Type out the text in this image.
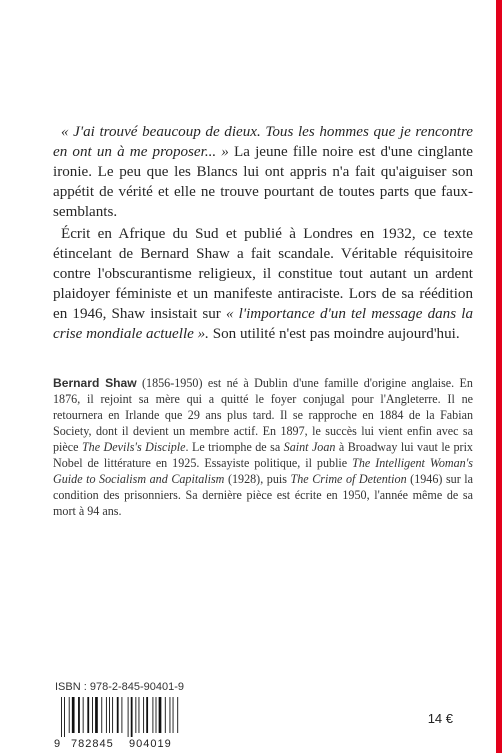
« J'ai trouvé beaucoup de dieux. Tous les hommes que je rencontre en ont un à me proposer... » La jeune fille noire est d'une cinglante ironie. Le peu que les Blancs lui ont appris n'a fait qu'aiguiser son appétit de vérité et elle ne trouve pourtant de toutes parts que faux-semblants.

Écrit en Afrique du Sud et publié à Londres en 1932, ce texte étincelant de Bernard Shaw a fait scandale. Véritable réquisitoire contre l'obscurantisme religieux, il constitue tout autant un ardent plaidoyer féministe et un manifeste antiraciste. Lors de sa réédition en 1946, Shaw insistait sur « l'importance d'un tel message dans la crise mondiale actuelle ». Son utilité n'est pas moindre aujourd'hui.

Bernard Shaw (1856-1950) est né à Dublin d'une famille d'origine anglaise. En 1876, il rejoint sa mère qui a quitté le foyer conjugal pour l'Angleterre. Il ne retournera en Irlande que 29 ans plus tard. Il se rapproche en 1884 de la Fabian Society, dont il devient un membre actif. En 1897, le succès lui vient enfin avec sa pièce The Devils's Disciple. Le triomphe de sa Saint Joan à Broadway lui vaut le prix Nobel de littérature en 1925. Essayiste politique, il publie The Intelligent Woman's Guide to Socialism and Capitalism (1928), puis The Crime of Detention (1946) sur la condition des prisonniers. Sa dernière pièce est écrite en 1950, l'année même de sa mort à 94 ans.

ISBN : 978-2-845-90401-9
9 782845 904019
14 €
